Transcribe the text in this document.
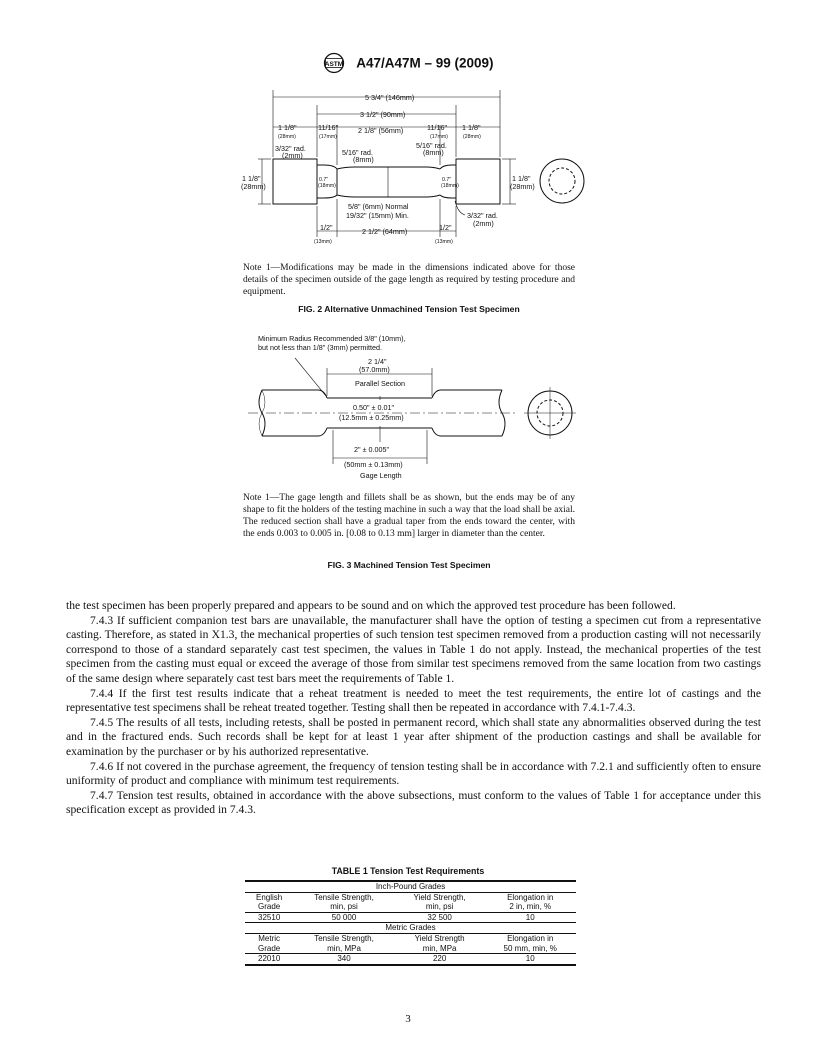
ASTM A47/A47M – 99 (2009)
5 3/4" (146mm)
3 1/2" (90mm)
1 1/8"
(28mm)
11/16"
(17mm)
2 1/8" (56mm)	11/16"
(17mm)
1 1/8"
(28mm)
3/32" rad.
(2mm)	5/16" rad.
(8mm)
5/16" rad.
(8mm)
1 1/8"
(28mm)
0.7"
(18mm)
0.7"
(18mm)
1 1/8"
(28mm)
5/8" (6mm) Normal
19/32" (15mm) Min.	3/32" rad.
(2mm)
1/2"
(13mm)
2 1/2" (64mm)	1/2"
(13mm)
Note 1—Modifications may be made in the dimensions indicated above for those details of the specimen outside of the gage length as required by testing procedure and equipment.
FIG. 2 Alternative Unmachined Tension Test Specimen
Minimum Radius Recommended 3/8" (10mm),
but not less than 1/8" (3mm) permitted.
2 1/4"
(57.0mm)
Parallel Section
0.50" ± 0.01"
(12.5mm ± 0.25mm)
2" ± 0.005"
(50mm ± 0.13mm)
Gage Length
Note 1—The gage length and fillets shall be as shown, but the ends may be of any shape to fit the holders of the testing machine in such a way that the load shall be axial. The reduced section shall have a gradual taper from the ends toward the center, with the ends 0.003 to 0.005 in. [0.08 to 0.13 mm] larger in diameter than the center.
FIG. 3 Machined Tension Test Specimen

the test specimen has been properly prepared and appears to be sound and on which the approved test procedure has been followed.

7.4.3 If sufficient companion test bars are unavailable, the manufacturer shall have the option of testing a specimen cut from a representative casting. Therefore, as stated in X1.3, the mechanical properties of such tension test specimen removed from a production casting will not necessarily correspond to those of a standard separately cast test specimen, the values in Table 1 do not apply. Instead, the mechanical properties of the test specimen from the casting must equal or exceed the average of those from similar test specimens removed from the same location from two castings of the same design where separately cast test bars meet the requirements of Table 1.

7.4.4 If the first test results indicate that a reheat treatment is needed to meet the test requirements, the entire lot of castings and the representative test specimens shall be reheat treated together. Testing shall then be repeated in accordance with 7.4.1-7.4.3.

7.4.5 The results of all tests, including retests, shall be posted in permanent record, which shall state any abnormalities observed during the test and in the fractured ends. Such records shall be kept for at least 1 year after shipment of the production castings and shall be available for examination by the purchaser or by his authorized representative.

7.4.6 If not covered in the purchase agreement, the frequency of tension testing shall be in accordance with 7.2.1 and sufficiently often to ensure uniformity of product and compliance with minimum test requirements.

7.4.7 Tension test results, obtained in accordance with the above subsections, must conform to the values of Table 1 for acceptance under this specification except as provided in 7.4.3.

TABLE 1 Tension Test Requirements
Inch-Pound Grades			
English	Tensile Strength,	Yield Strength,	Elongation in
Grade	min, psi	min, psi	2 in, min, %
32510	50 000	32 500	10
Metric Grades			
Metric	Tensile Strength,	Yield Strength	Elongation in
Grade	min, MPa	min, MPa	50 mm, min, %
22010	340	220	10
3
